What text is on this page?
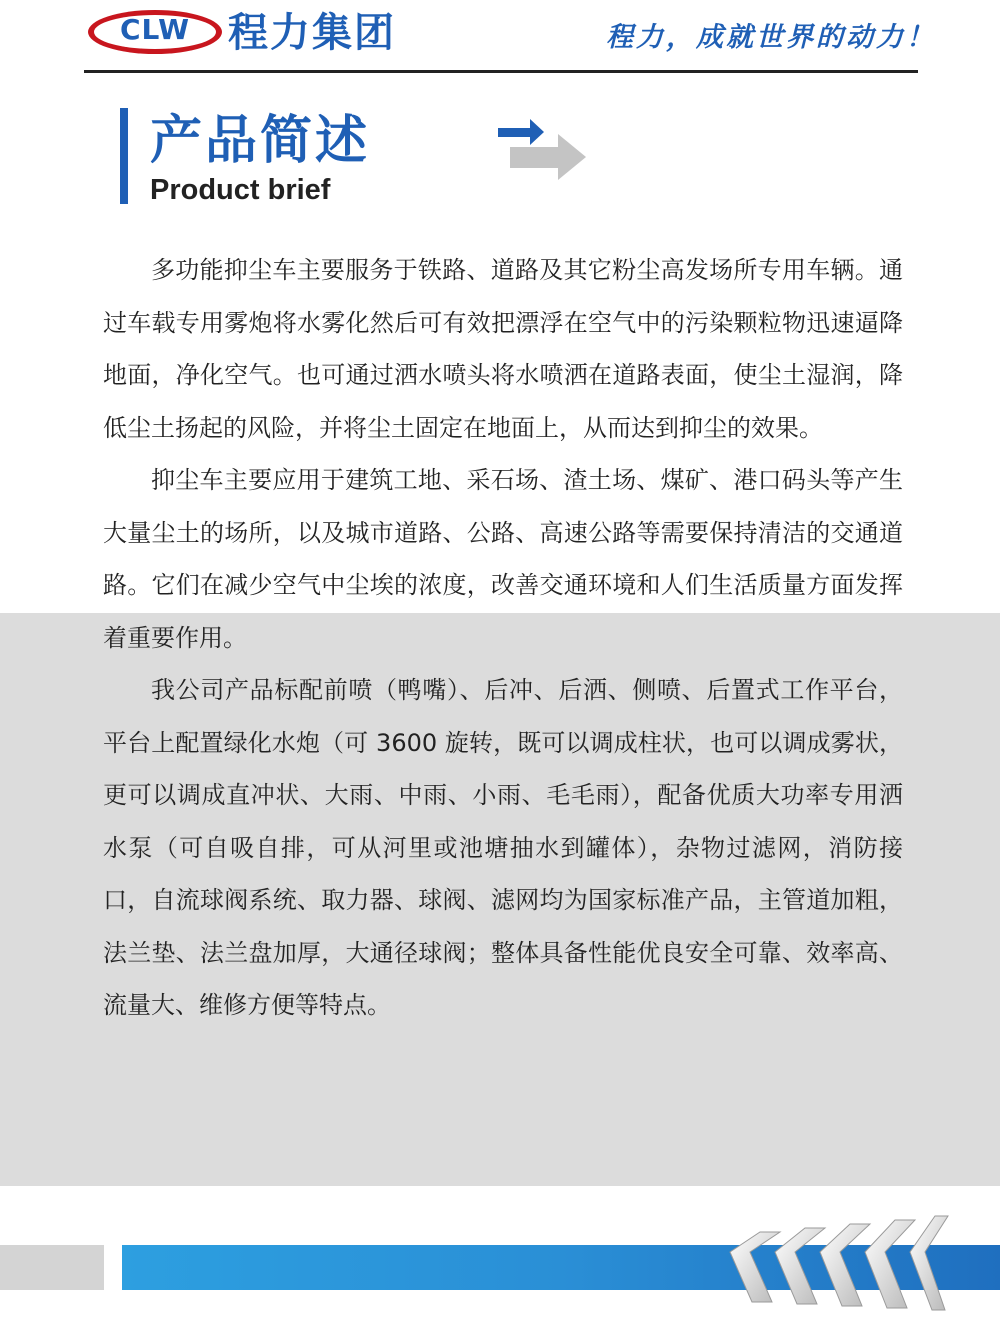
CLW 程力集团	程力，成就世界的动力！
产品简述
Product brief

多功能抑尘车主要服务于铁路、道路及其它粉尘高发场所专用车辆。通过车载专用雾炮将水雾化然后可有效把漂浮在空气中的污染颗粒物迅速逼降地面，净化空气。也可通过洒水喷头将水喷洒在道路表面，使尘土湿润，降低尘土扬起的风险，并将尘土固定在地面上，从而达到抑尘的效果。

抑尘车主要应用于建筑工地、采石场、渣土场、煤矿、港口码头等产生大量尘土的场所，以及城市道路、公路、高速公路等需要保持清洁的交通道路。它们在减少空气中尘埃的浓度，改善交通环境和人们生活质量方面发挥着重要作用。

我公司产品标配前喷（鸭嘴）、后冲、后洒、侧喷、后置式工作平台，平台上配置绿化水炮（可 3600 旋转，既可以调成柱状，也可以调成雾状，更可以调成直冲状、大雨、中雨、小雨、毛毛雨），配备优质大功率专用洒水泵（可自吸自排，可从河里或池塘抽水到罐体），杂物过滤网，消防接口，自流球阀系统、取力器、球阀、滤网均为国家标准产品，主管道加粗，法兰垫、法兰盘加厚，大通径球阀；整体具备性能优良安全可靠、效率高、流量大、维修方便等特点。
